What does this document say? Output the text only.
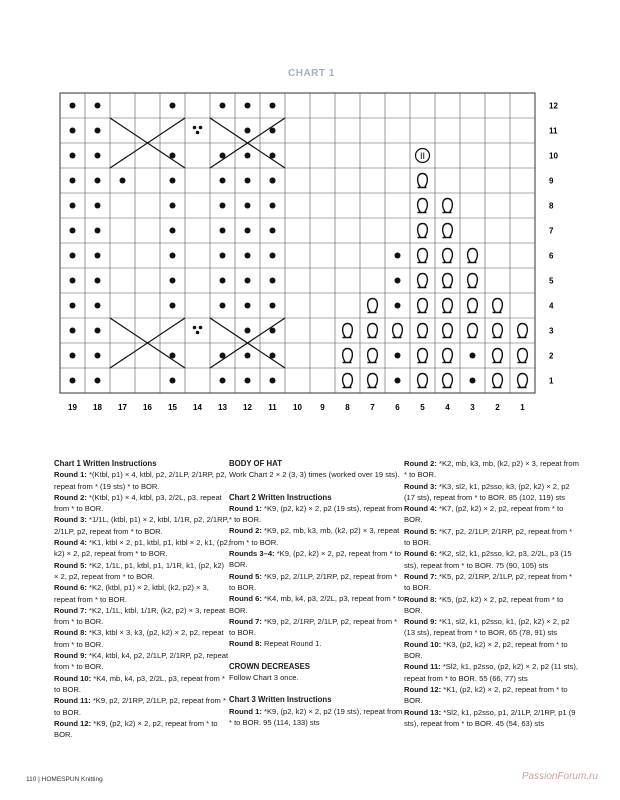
CHART 1
II
12
11
10
9
8
7
6
5
4
3
2
1
19 18 17 16 15 14 13 12 11 10 9	8	7	6	5	4	3	2	1
Chart 1 Written Instructions

Round 1: *(Ktbl, p1) × 4, ktbl, p2, 2/1LP, 2/1RP, p2, repeat from * (19 sts) * to BOR.

Round 2: *(Ktbl, p1) × 4, ktbl, p3, 2/2L, p3, repeat from * to BOR.

Round 3: *1/1L, (ktbl, p1) × 2, ktbl, 1/1R, p2, 2/1RP, 2/1LP, p2, repeat from * to BOR.

Round 4: *K1, ktbl × 2, p1, ktbl, p1, ktbl × 2, k1, (p2, k2) × 2, p2, repeat from * to BOR.

Round 5: *K2, 1/1L, p1, ktbl, p1, 1/1R, k1, (p2, k2) × 2, p2, repeat from * to BOR.

Round 6: *K2, (ktbl, p1) × 2, ktbl, (k2, p2) × 3, repeat from * to BOR.

Round 7: *K2, 1/1L, ktbl, 1/1R, (k2, p2) × 3, repeat from * to BOR.

Round 8: *K3, ktbl × 3, k3, (p2, k2) × 2, p2, repeat from * to BOR.

Round 9: *K4, ktbl, k4, p2, 2/1LP, 2/1RP, p2, repeat from * to BOR.

Round 10: *K4, mb, k4, p3, 2/2L, p3, repeat from * to BOR.

Round 11: *K9, p2, 2/1RP, 2/1LP, p2, repeat from * to BOR.

Round 12: *K9, (p2, k2) × 2, p2, repeat from * to BOR.

BODY OF HAT

Work Chart 2 × 2 (3, 3) times (worked over 19 sts).

Chart 2 Written Instructions

Round 1: *K9, (p2, k2) × 2, p2 (19 sts), repeat from * to BOR.

Round 2: *K9, p2, mb, k3, mb, (k2, p2) × 3, repeat from * to BOR.

Rounds 3–4: *K9, (p2, k2) × 2, p2, repeat from * to BOR.

Round 5: *K9, p2, 2/1LP, 2/1RP, p2, repeat from * to BOR.

Round 6: *K4, mb, k4, p3, 2/2L, p3, repeat from * to BOR.

Round 7: *K9, p2, 2/1RP, 2/1LP, p2, repeat from * to BOR.

Round 8: Repeat Round 1.

CROWN DECREASES

Follow Chart 3 once.

Chart 3 Written Instructions

Round 1: *K9, (p2, k2) × 2, p2 (19 sts), repeat from * to BOR. 95 (114, 133) sts

Round 2: *K2, mb, k3, mb, (k2, p2) × 3, repeat from * to BOR.

Round 3: *K3, sl2, k1, p2sso, k3, (p2, k2) × 2, p2 (17 sts), repeat from * to BOR. 85 (102, 119) sts

Round 4: *K7, (p2, k2) × 2, p2, repeat from * to BOR.

Round 5: *K7, p2, 2/1LP, 2/1RP, p2, repeat from * to BOR.

Round 6: *K2, sl2, k1, p2sso, k2, p3, 2/2L, p3 (15 sts), repeat from * to BOR. 75 (90, 105) sts

Round 7: *K5, p2, 2/1RP, 2/1LP, p2, repeat from * to BOR.

Round 8: *K5, (p2, k2) × 2, p2, repeat from * to BOR.

Round 9: *K1, sl2, k1, p2sso, k1, (p2, k2) × 2, p2 (13 sts), repeat from * to BOR. 65 (78, 91) sts

Round 10: *K3, (p2, k2) × 2, p2, repeat from * to BOR.

Round 11: *Sl2, k1, p2sso, (p2, k2) × 2, p2 (11 sts), repeat from * to BOR. 55 (66, 77) sts

Round 12: *K1, (p2, k2) × 2, p2, repeat from * to BOR.

Round 13: *Sl2, k1, p2sso, p1, 2/1LP, 2/1RP, p1 (9 sts), repeat from * to BOR. 45 (54, 63) sts

110 | HOMESPUN Knitting	PassionForum.ru
